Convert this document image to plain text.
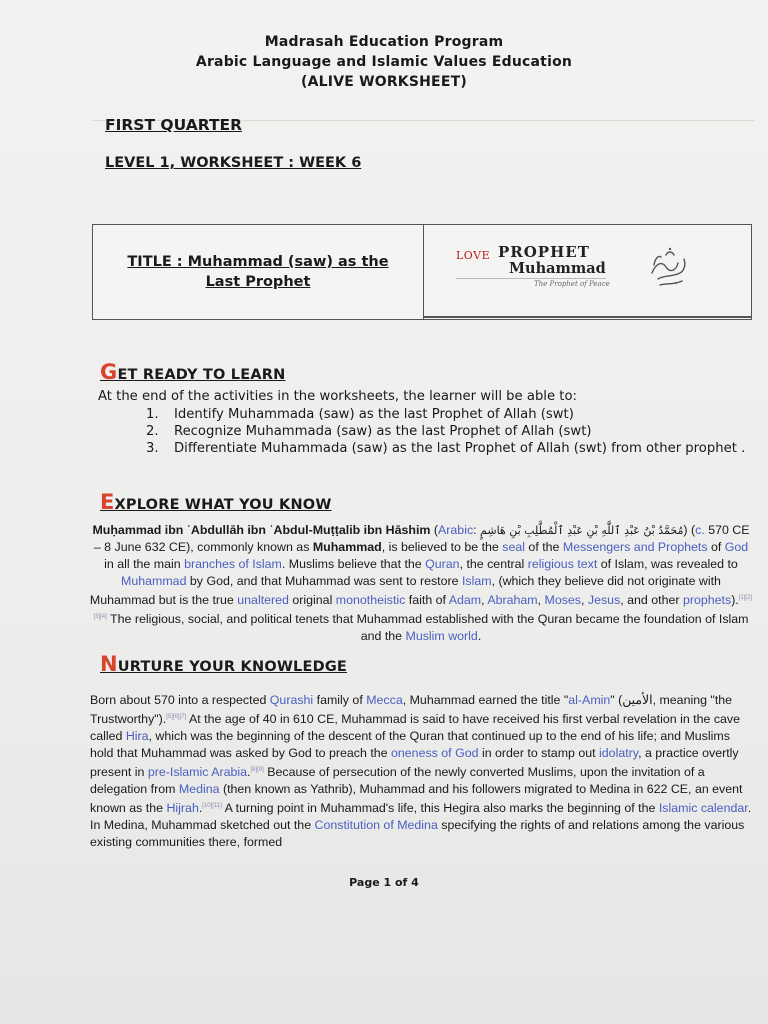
Madrasah Education Program
Arabic Language and Islamic Values Education
(ALIVE WORKSHEET)
FIRST QUARTER
LEVEL 1, WORKSHEET : WEEK 6
TITLE : Muhammad (saw) as the
Last Prophet
LOVE PROPHET
Muhammad
The Prophet of Peace
GET READY TO LEARN
At the end of the activities in the worksheets, the learner will be able to:
1. Identify Muhammada (saw) as the last Prophet of Allah (swt)
2. Recognize Muhammada (saw) as the last Prophet of Allah (swt)
3. Differentiate Muhammada (saw) as the last Prophet of Allah (swt) from other prophet .
EXPLORE WHAT YOU KNOW
Muḥammad ibn ʿAbdullāh ibn ʿAbdul-Muṭṭalib ibn Hāshim (Arabic: مُحَمَّدُ بْنُ عَبْدِ ٱللَّٰهِ بْنِ عَبْدِ ٱلْمُطَّلِبِ بْنِ هَاشِمٍ) (c. 570 CE – 8 June 632 CE), commonly known as Muhammad, is believed to be the seal of the Messengers and Prophets of God in all the main branches of Islam. Muslims believe that the Quran, the central religious text of Islam, was revealed to Muhammad by God, and that Muhammad was sent to restore Islam, (which they believe did not originate with Muhammad but is the true unaltered original monotheistic faith of Adam, Abraham, Moses, Jesus, and other prophets).[1][2][3][4] The religious, social, and political tenets that Muhammad established with the Quran became the foundation of Islam and the Muslim world.
NURTURE YOUR KNOWLEDGE
Born about 570 into a respected Qurashi family of Mecca, Muhammad earned the title "al-Amin" (الأمين, meaning "the Trustworthy").[5][6][7] At the age of 40 in 610 CE, Muhammad is said to have received his first verbal revelation in the cave called Hira, which was the beginning of the descent of the Quran that continued up to the end of his life; and Muslims hold that Muhammad was asked by God to preach the oneness of God in order to stamp out idolatry, a practice overtly present in pre-Islamic Arabia.[8][9] Because of persecution of the newly converted Muslims, upon the invitation of a delegation from Medina (then known as Yathrib), Muhammad and his followers migrated to Medina in 622 CE, an event known as the Hijrah.[10][11] A turning point in Muhammad's life, this Hegira also marks the beginning of the Islamic calendar. In Medina, Muhammad sketched out the Constitution of Medina specifying the rights of and relations among the various existing communities there, formed
Page 1 of 4
